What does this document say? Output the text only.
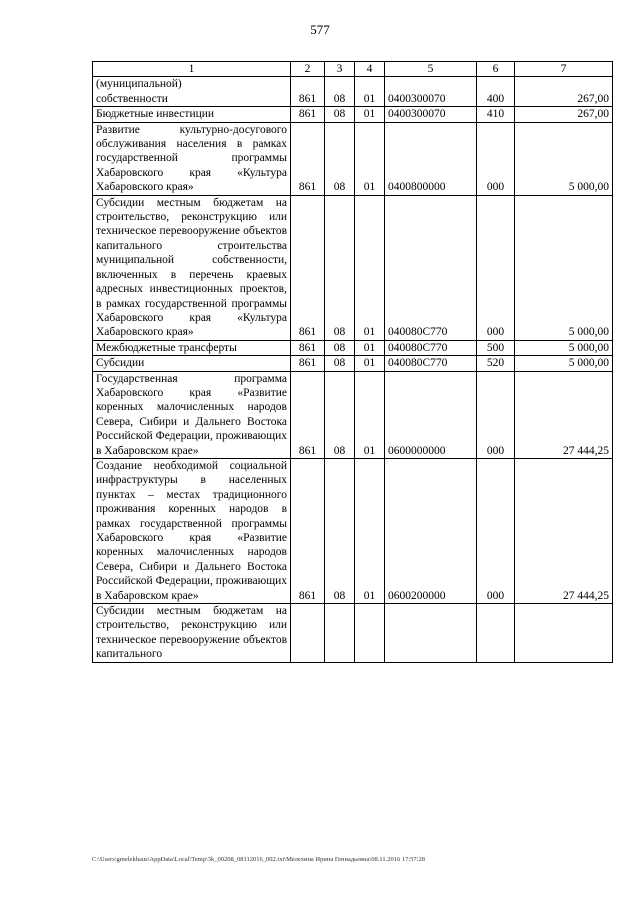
577
1	2	3	4	5	6	7
(муниципальной)
собственности	861	08	01	0400300070	400	267,00
Бюджетные инвестиции	861	08	01	0400300070	410	267,00
Развитие культурно-досугового обслуживания населения в рамках государственной программы Хабаровского края «Культура Хабаровского края»	861	08	01	0400800000	000	5 000,00
Субсидии местным бюджетам на строительство, реконструкцию или техническое перевооружение объектов капитального строительства муниципальной собственности, включенных в перечень краевых адресных инвестиционных проектов, в рамках государственной программы Хабаровского края «Культура Хабаровского края»	861	08	01	040080С770	000	5 000,00
Межбюджетные трансферты	861	08	01	040080С770	500	5 000,00
Субсидии	861	08	01	040080С770	520	5 000,00
Государственная программа Хабаровского края «Развитие коренных малочисленных народов Севера, Сибири и Дальнего Востока Российской Федерации, проживающих в Хабаровском крае»	861	08	01	0600000000	000	27 444,25
Создание необходимой социальной инфраструктуры в населенных пунктах – местах традиционного проживания коренных народов в рамках государственной программы Хабаровского края «Развитие коренных малочисленных народов Севера, Сибири и Дальнего Востока Российской Федерации, проживающих в Хабаровском крае»	861	08	01	0600200000	000	27 444,25
Субсидии местным бюджетам на строительство, реконструкцию или техническое перевооружение объектов капитального						
C:\Users\gmelekhaus\AppData\Local\Temp\3k_00208_08112016_002.txt\Мелехина Ирина Геннадьевна\08.11.2016 17:57:28
